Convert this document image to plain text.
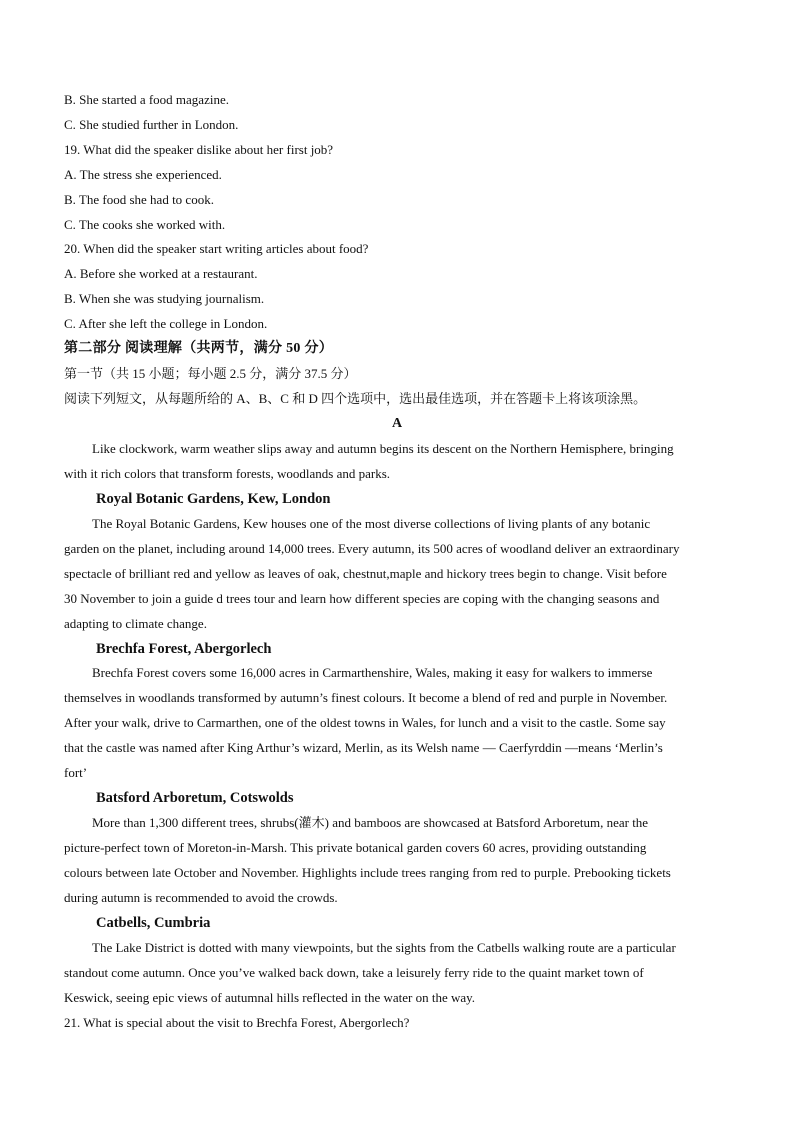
B. She started a food magazine.
C. She studied further in London.
19. What did the speaker dislike about her first job?
A. The stress she experienced.
B. The food she had to cook.
C. The cooks she worked with.
20. When did the speaker start writing articles about food?
A. Before she worked at a restaurant.
B. When she was studying journalism.
C. After she left the college in London.
第二部分 阅读理解（共两节，满分 50 分）
第一节（共 15 小题；每小题 2.5 分，满分 37.5 分）
阅读下列短文，从每题所给的 A、B、C 和 D 四个选项中，选出最佳选项，并在答题卡上将该项涂黑。
A
Like clockwork, warm weather slips away and autumn begins its descent on the Northern Hemisphere, bringing
with it rich colors that transform forests, woodlands and parks.
Royal Botanic Gardens, Kew, London
The Royal Botanic Gardens, Kew houses one of the most diverse collections of living plants of any botanic
garden on the planet, including around 14,000 trees. Every autumn, its 500 acres of woodland deliver an extraordinary
spectacle of brilliant red and yellow as leaves of oak, chestnut,maple and hickory trees begin to change. Visit before
30 November to join a guide d trees tour and learn how different species are coping with the changing seasons and
adapting to climate change.
Brechfa Forest, Abergorlech
Brechfa Forest covers some 16,000 acres in Carmarthenshire, Wales, making it easy for walkers to immerse
themselves in woodlands transformed by autumn’s finest colours. It become a blend of red and purple in November.
After your walk, drive to Carmarthen, one of the oldest towns in Wales, for lunch and a visit to the castle. Some say
that the castle was named after King Arthur’s wizard, Merlin, as its Welsh name — Caerfyrddin —means ‘Merlin’s
fort’
Batsford Arboretum, Cotswolds
More than 1,300 different trees, shrubs(灌木) and bamboos are showcased at Batsford Arboretum, near the
picture-perfect town of Moreton-in-Marsh. This private botanical garden covers 60 acres, providing outstanding
colours between late October and November. Highlights include trees ranging from red to purple. Prebooking tickets
during autumn is recommended to avoid the crowds.
Catbells, Cumbria
The Lake District is dotted with many viewpoints, but the sights from the Catbells walking route are a particular
standout come autumn. Once you’ve walked back down, take a leisurely ferry ride to the quaint market town of
Keswick, seeing epic views of autumnal hills reflected in the water on the way.
21. What is special about the visit to Brechfa Forest, Abergorlech?
